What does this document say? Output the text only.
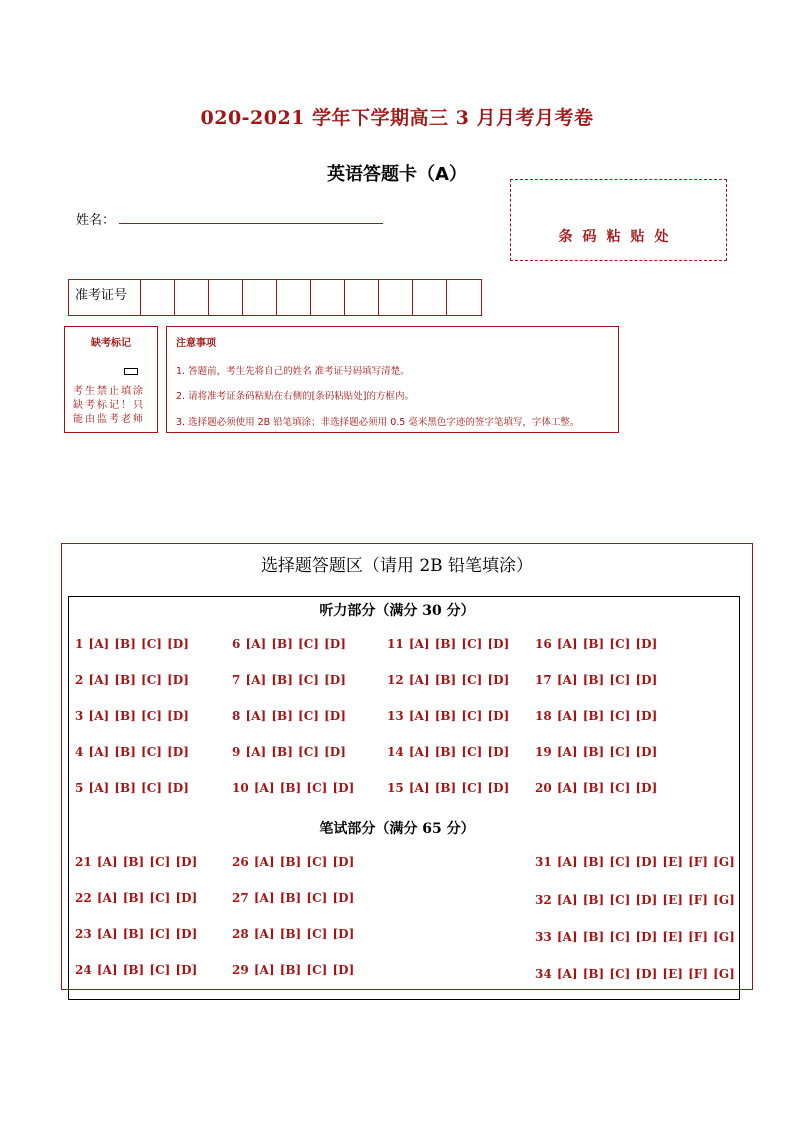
020-2021 学年下学期高三 3 月月考月考卷
英语答题卡（A）
姓名：
条码粘贴处
准考证号
缺考标记
考生禁止填涂缺考标记！只能由监考老师
注意事项
1. 答题前，考生先将自己的姓名 准考证号码填写清楚。
2. 请将准考证条码粘贴在右侧的[条码粘贴处]的方框内。
3. 选择题必须使用 2B 铅笔填涂；非选择题必须用 0.5 毫米黑色字迹的签字笔填写，字体工整。
选择题答题区（请用 2B 铅笔填涂）
听力部分（满分 30 分）
1 [A] [B] [C] [D]
2 [A] [B] [C] [D]
3 [A] [B] [C] [D]
4 [A] [B] [C] [D]
5 [A] [B] [C] [D]
6 [A] [B] [C] [D]
7 [A] [B] [C] [D]
8 [A] [B] [C] [D]
9 [A] [B] [C] [D]
10 [A] [B] [C] [D]
11 [A] [B] [C] [D]
12 [A] [B] [C] [D]
13 [A] [B] [C] [D]
14 [A] [B] [C] [D]
15 [A] [B] [C] [D]
16 [A] [B] [C] [D]
17 [A] [B] [C] [D]
18 [A] [B] [C] [D]
19 [A] [B] [C] [D]
20 [A] [B] [C] [D]
笔试部分（满分 65 分）
21 [A] [B] [C] [D]
22 [A] [B] [C] [D]
23 [A] [B] [C] [D]
24 [A] [B] [C] [D]
26 [A] [B] [C] [D]
27 [A] [B] [C] [D]
28 [A] [B] [C] [D]
29 [A] [B] [C] [D]
31 [A] [B] [C] [D] [E] [F] [G]
32 [A] [B] [C] [D] [E] [F] [G]
33 [A] [B] [C] [D] [E] [F] [G]
34 [A] [B] [C] [D] [E] [F] [G]
